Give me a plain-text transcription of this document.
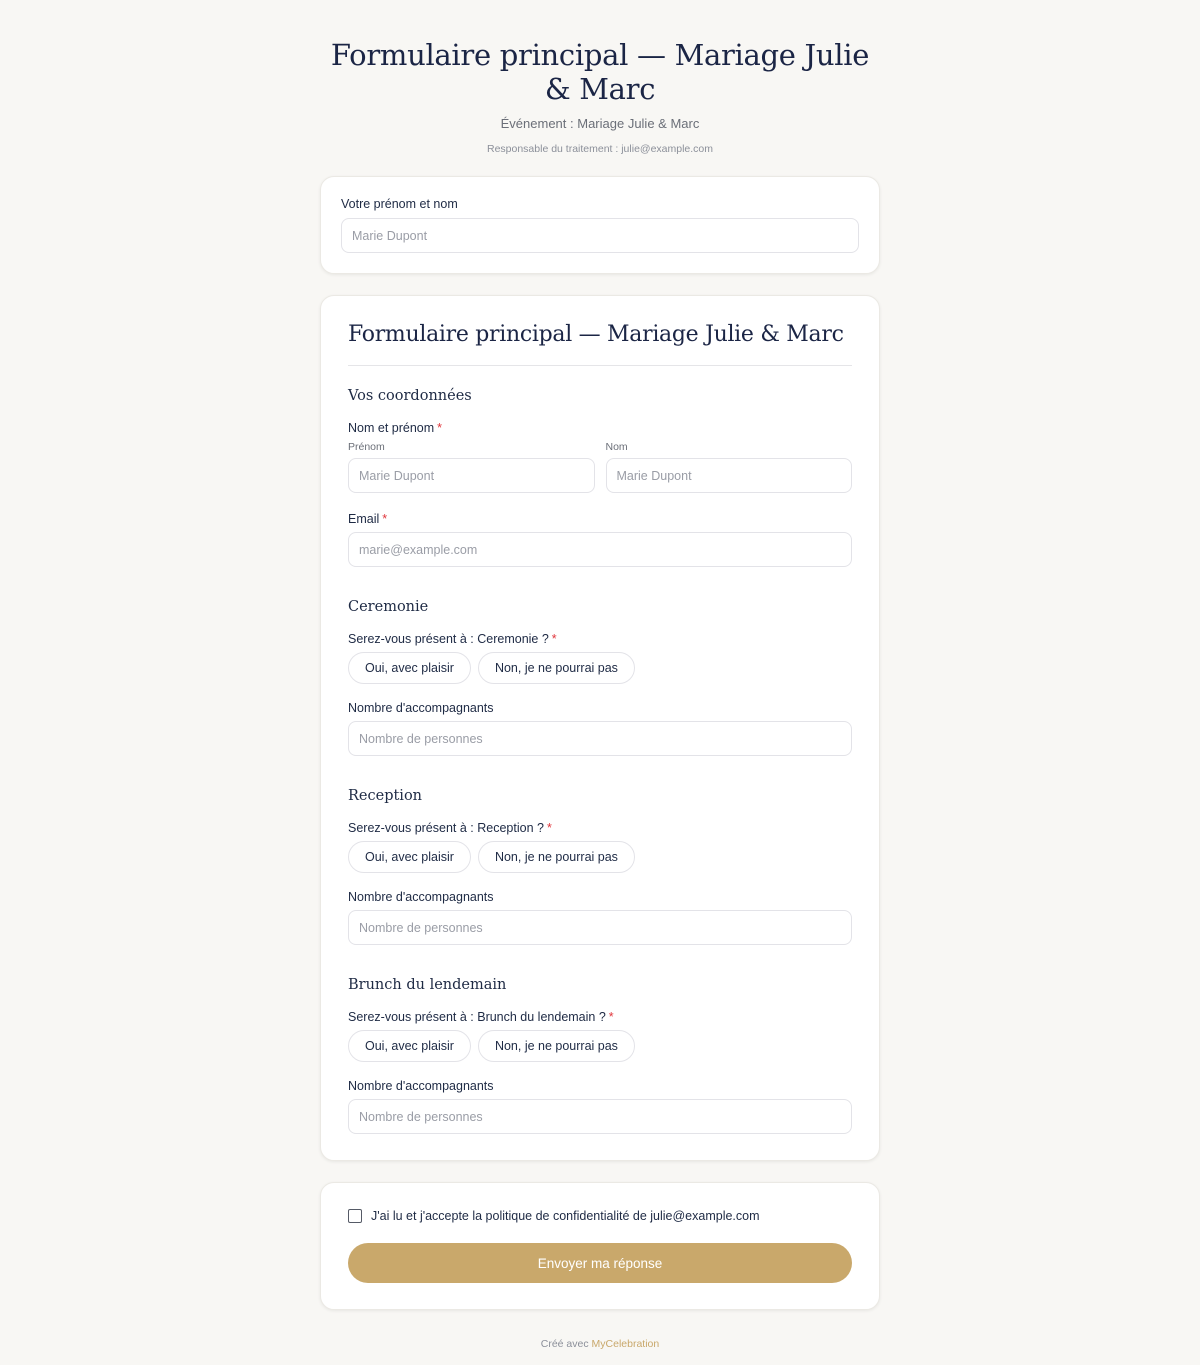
Formulaire principal — Mariage Julie & Marc
Événement : Mariage Julie & Marc
Responsable du traitement : julie@example.com
Votre prénom et nom
Marie Dupont
Formulaire principal — Mariage Julie & Marc
Vos coordonnées
Nom et prénom *
Prénom
Marie Dupont	Nom
Marie Dupont
Email *
marie@example.com
Ceremonie
Serez-vous présent à : Ceremonie ? *
Oui, avec plaisir	Non, je ne pourrai pas
Nombre d'accompagnants
Nombre de personnes
Reception
Serez-vous présent à : Reception ? *
Oui, avec plaisir	Non, je ne pourrai pas
Nombre d'accompagnants
Nombre de personnes
Brunch du lendemain
Serez-vous présent à : Brunch du lendemain ? *
Oui, avec plaisir	Non, je ne pourrai pas
Nombre d'accompagnants
Nombre de personnes
J'ai lu et j'accepte la politique de confidentialité de julie@example.com
Envoyer ma réponse
Créé avec MyCelebration
